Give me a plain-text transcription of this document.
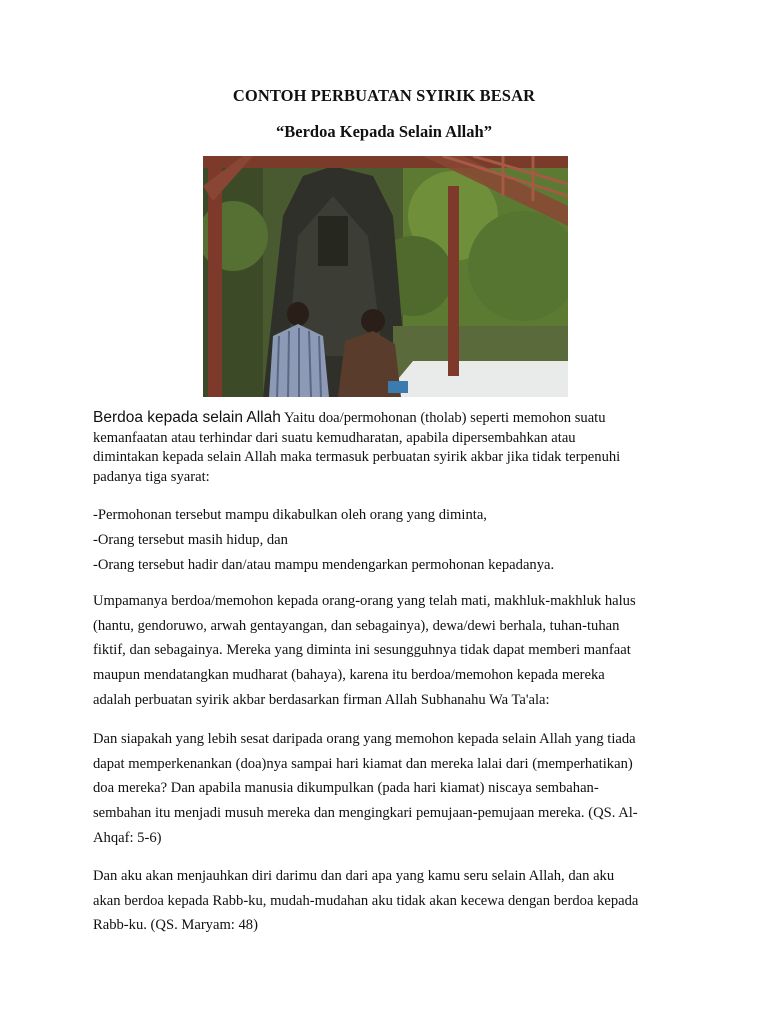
CONTOH PERBUATAN SYIRIK BESAR
“Berdoa Kepada Selain Allah”
Berdoa kepada selain Allah Yaitu doa/permohonan (tholab) seperti memohon suatu
kemanfaatan atau terhindar dari suatu kemudharatan, apabila dipersembahkan atau
dimintakan kepada selain Allah maka termasuk perbuatan syirik akbar jika tidak terpenuhi
padanya tiga syarat:
-Permohonan tersebut mampu dikabulkan oleh orang yang diminta,
-Orang tersebut masih hidup, dan
-Orang tersebut hadir dan/atau mampu mendengarkan permohonan kepadanya.
Umpamanya berdoa/memohon kepada orang-orang yang telah mati, makhluk-makhluk halus
(hantu, gendoruwo, arwah gentayangan, dan sebagainya), dewa/dewi berhala, tuhan-tuhan
fiktif, dan sebagainya. Mereka yang diminta ini sesungguhnya tidak dapat memberi manfaat
maupun mendatangkan mudharat (bahaya), karena itu berdoa/memohon kepada mereka
adalah perbuatan syirik akbar berdasarkan firman Allah Subhanahu Wa Ta'ala:
Dan siapakah yang lebih sesat daripada orang yang memohon kepada selain Allah yang tiada
dapat memperkenankan (doa)nya sampai hari kiamat dan mereka lalai dari (memperhatikan)
doa mereka? Dan apabila manusia dikumpulkan (pada hari kiamat) niscaya sembahan-
sembahan itu menjadi musuh mereka dan mengingkari pemujaan-pemujaan mereka. (QS. Al-
Ahqaf: 5-6)
Dan aku akan menjauhkan diri darimu dan dari apa yang kamu seru selain Allah, dan aku
akan berdoa kepada Rabb-ku, mudah-mudahan aku tidak akan kecewa dengan berdoa kepada
Rabb-ku. (QS. Maryam: 48)
